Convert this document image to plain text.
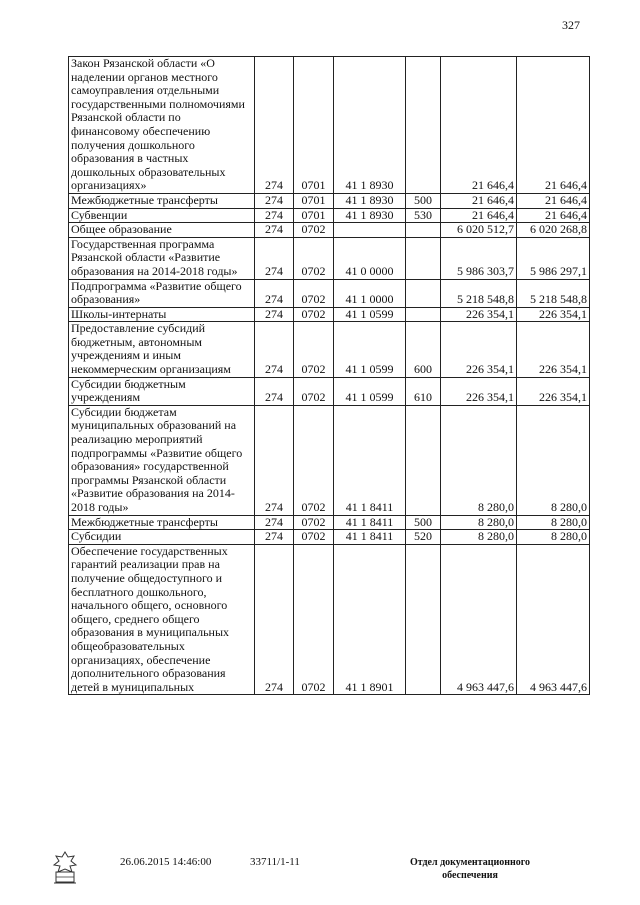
327
Закон Рязанской области «О наделении органов местного самоуправления отдельными государственными полномочиями Рязанской области по финансовому обеспечению получения дошкольного образования в частных дошкольных образовательных организациях»	274	0701	41 1 8930		21 646,4	21 646,4
Межбюджетные трансферты	274	0701	41 1 8930	500	21 646,4	21 646,4
Субвенции	274	0701	41 1 8930	530	21 646,4	21 646,4
Общее образование	274	0702			6 020 512,7	6 020 268,8
Государственная программа Рязанской области «Развитие образования на 2014-2018 годы»	274	0702	41 0 0000		5 986 303,7	5 986 297,1
Подпрограмма «Развитие общего образования»	274	0702	41 1 0000		5 218 548,8	5 218 548,8
Школы-интернаты	274	0702	41 1 0599		226 354,1	226 354,1
Предоставление субсидий бюджетным, автономным учреждениям и иным некоммерческим организациям	274	0702	41 1 0599	600	226 354,1	226 354,1
Субсидии бюджетным учреждениям	274	0702	41 1 0599	610	226 354,1	226 354,1
Субсидии бюджетам муниципальных образований на реализацию мероприятий подпрограммы «Развитие общего образования» государственной программы Рязанской области «Развитие образования на 2014-2018 годы»	274	0702	41 1 8411		8 280,0	8 280,0
Межбюджетные трансферты	274	0702	41 1 8411	500	8 280,0	8 280,0
Субсидии	274	0702	41 1 8411	520	8 280,0	8 280,0
Обеспечение государственных гарантий реализации прав на получение общедоступного и бесплатного дошкольного, начального общего, основного общего, среднего общего образования в муниципальных общеобразовательных организациях, обеспечение дополнительного образования детей в муниципальных	274	0702	41 1 8901		4 963 447,6	4 963 447,6
26.06.2015 14:46:00	33711/1-11	Отдел документационного
обеспечения
